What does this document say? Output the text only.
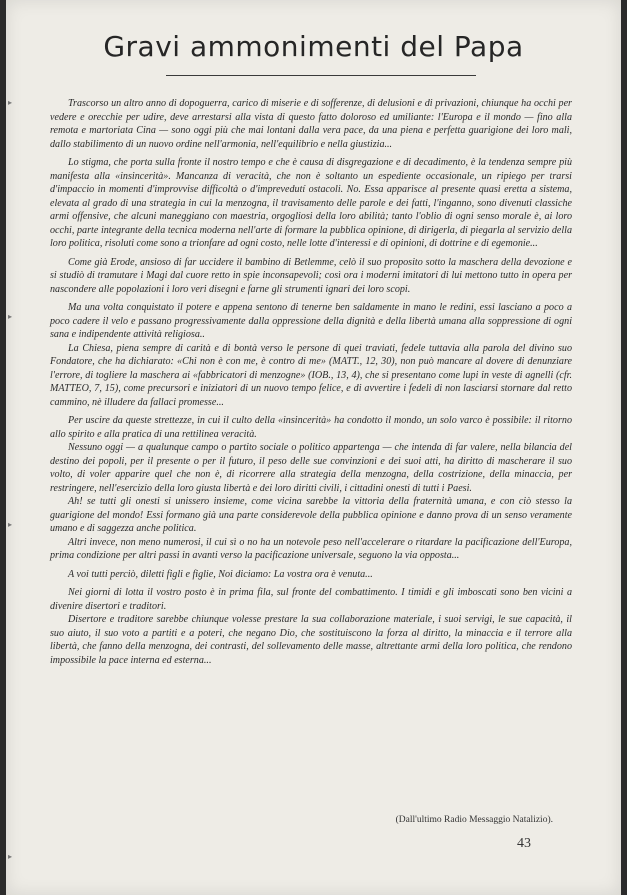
Gravi ammonimenti del Papa

Trascorso un altro anno di dopoguerra, carico di miserie e di sofferenze, di delusioni e di privazioni, chiunque ha occhi per vedere e orecchie per udire, deve arrestarsi alla vista di questo fatto doloroso ed umiliante: l'Europa e il mondo — fino alla remota e martoriata Cina — sono oggi più che mai lontani dalla vera pace, da una piena e perfetta guarigione dei loro mali, dallo stabilimento di un nuovo ordine nell'armonia, nell'equilibrio e nella giustizia...

Lo stigma, che porta sulla fronte il nostro tempo e che è causa di disgregazione e di decadimento, è la tendenza sempre più manifesta alla «insincerità». Mancanza di veracità, che non è soltanto un espediente occasionale, un ripiego per trarsi d'impaccio in momenti d'improvvise difficoltà o d'imprevedutí ostacoli. No. Essa apparisce al presente quasi eretta a sistema, elevata al grado di una strategia in cui la menzogna, il travisamento delle parole e dei fatti, l'inganno, sono divenuti classiche armi offensive, che alcuni maneggiano con maestria, orgogliosi della loro abilità; tanto l'oblio di ogni senso morale è, ai loro occhi, parte integrante della tecnica moderna nell'arte di formare la pubblica opinione, di dirigerla, di piegarla al servizio della loro politica, risoluti come sono a trionfare ad ogni costo, nelle lotte d'interessi e di opinioni, di dottrine e di egemonie...

Come già Erode, ansioso di far uccidere il bambino di Betlemme, celò il suo proposito sotto la maschera della devozione e si studiò di tramutare i Magi dal cuore retto in spie inconsapevoli; così ora i moderni imitatori di lui mettono tutto in opera per nascondere alle popolazioni i loro veri disegni e farne gli strumenti ignari dei loro scopi.

Ma una volta conquistato il potere e appena sentono di tenerne ben saldamente in mano le redini, essi lasciano a poco a poco cadere il velo e passano progressivamente dalla oppressione della dignità e della libertà umana alla soppressione di ogni sana e indipendente attività religiosa..

La Chiesa, piena sempre di carità e di bontà verso le persone di quei traviati, fedele tuttavia alla parola del divino suo Fondatore, che ha dichiarato: «Chi non è con me, è contro di me» (MATT., 12, 30), non può mancare al dovere di denunziare l'errore, di togliere la maschera ai «fabbricatori di menzogne» (IOB., 13, 4), che si presentano come lupi in veste di agnelli (cfr. MATTEO, 7, 15), come precursori e iniziatori di un nuovo tempo felice, e di avvertire i fedeli di non lasciarsi stornare dal retto cammino, nè illudere da fallaci promesse...

Per uscire da queste strettezze, in cui il culto della «insincerità» ha condotto il mondo, un solo varco è possibile: il ritorno allo spirito e alla pratica di una rettilinea veracità.

Nessuno oggi — a qualunque campo o partito sociale o politico appartenga — che intenda di far valere, nella bilancia del destino dei popoli, per il presente o per il futuro, il peso delle sue convinzioni e dei suoi atti, ha diritto di mascherare il suo volto, di voler apparire quel che non è, di ricorrere alla strategia della menzogna, della costrizione, della minaccia, per restringere, nell'esercizio della loro giusta libertà e dei loro diritti civili, i cittadini onesti di tutti i Paesi.

Ah! se tutti gli onesti si unissero insieme, come vicina sarebbe la vittoria della fraternità umana, e con ciò stesso la guarigione del mondo! Essi formano già una parte considerevole della pubblica opinione e danno prova di un senso veramente umano e di saggezza anche politica.

Altri invece, non meno numerosi, il cui sì o no ha un notevole peso nell'accelerare o ritardare la pacificazione dell'Europa, prima condizione per altri passi in avanti verso la pacificazione universale, seguono la via opposta...

A voi tutti perciò, diletti figli e figlie, Noi diciamo: La vostra ora è venuta...

Nei giorni di lotta il vostro posto è in prima fila, sul fronte del combattimento. I timidi e gli imboscati sono ben vicini a divenire disertori e traditori.

Disertore e traditore sarebbe chiunque volesse prestare la sua collaborazione materiale, i suoi servigi, le sue capacità, il suo aiuto, il suo voto a partiti e a poteri, che negano Dio, che sostituiscono la forza al diritto, la minaccia e il terrore alla libertà, che fanno della menzogna, dei contrasti, del sollevamento delle masse, altrettante armi della loro politica, che rendono impossibile la pace interna ed esterna...

(Dall'ultimo Radio Messaggio Natalizio).
43
▸
▸
▸
▸
